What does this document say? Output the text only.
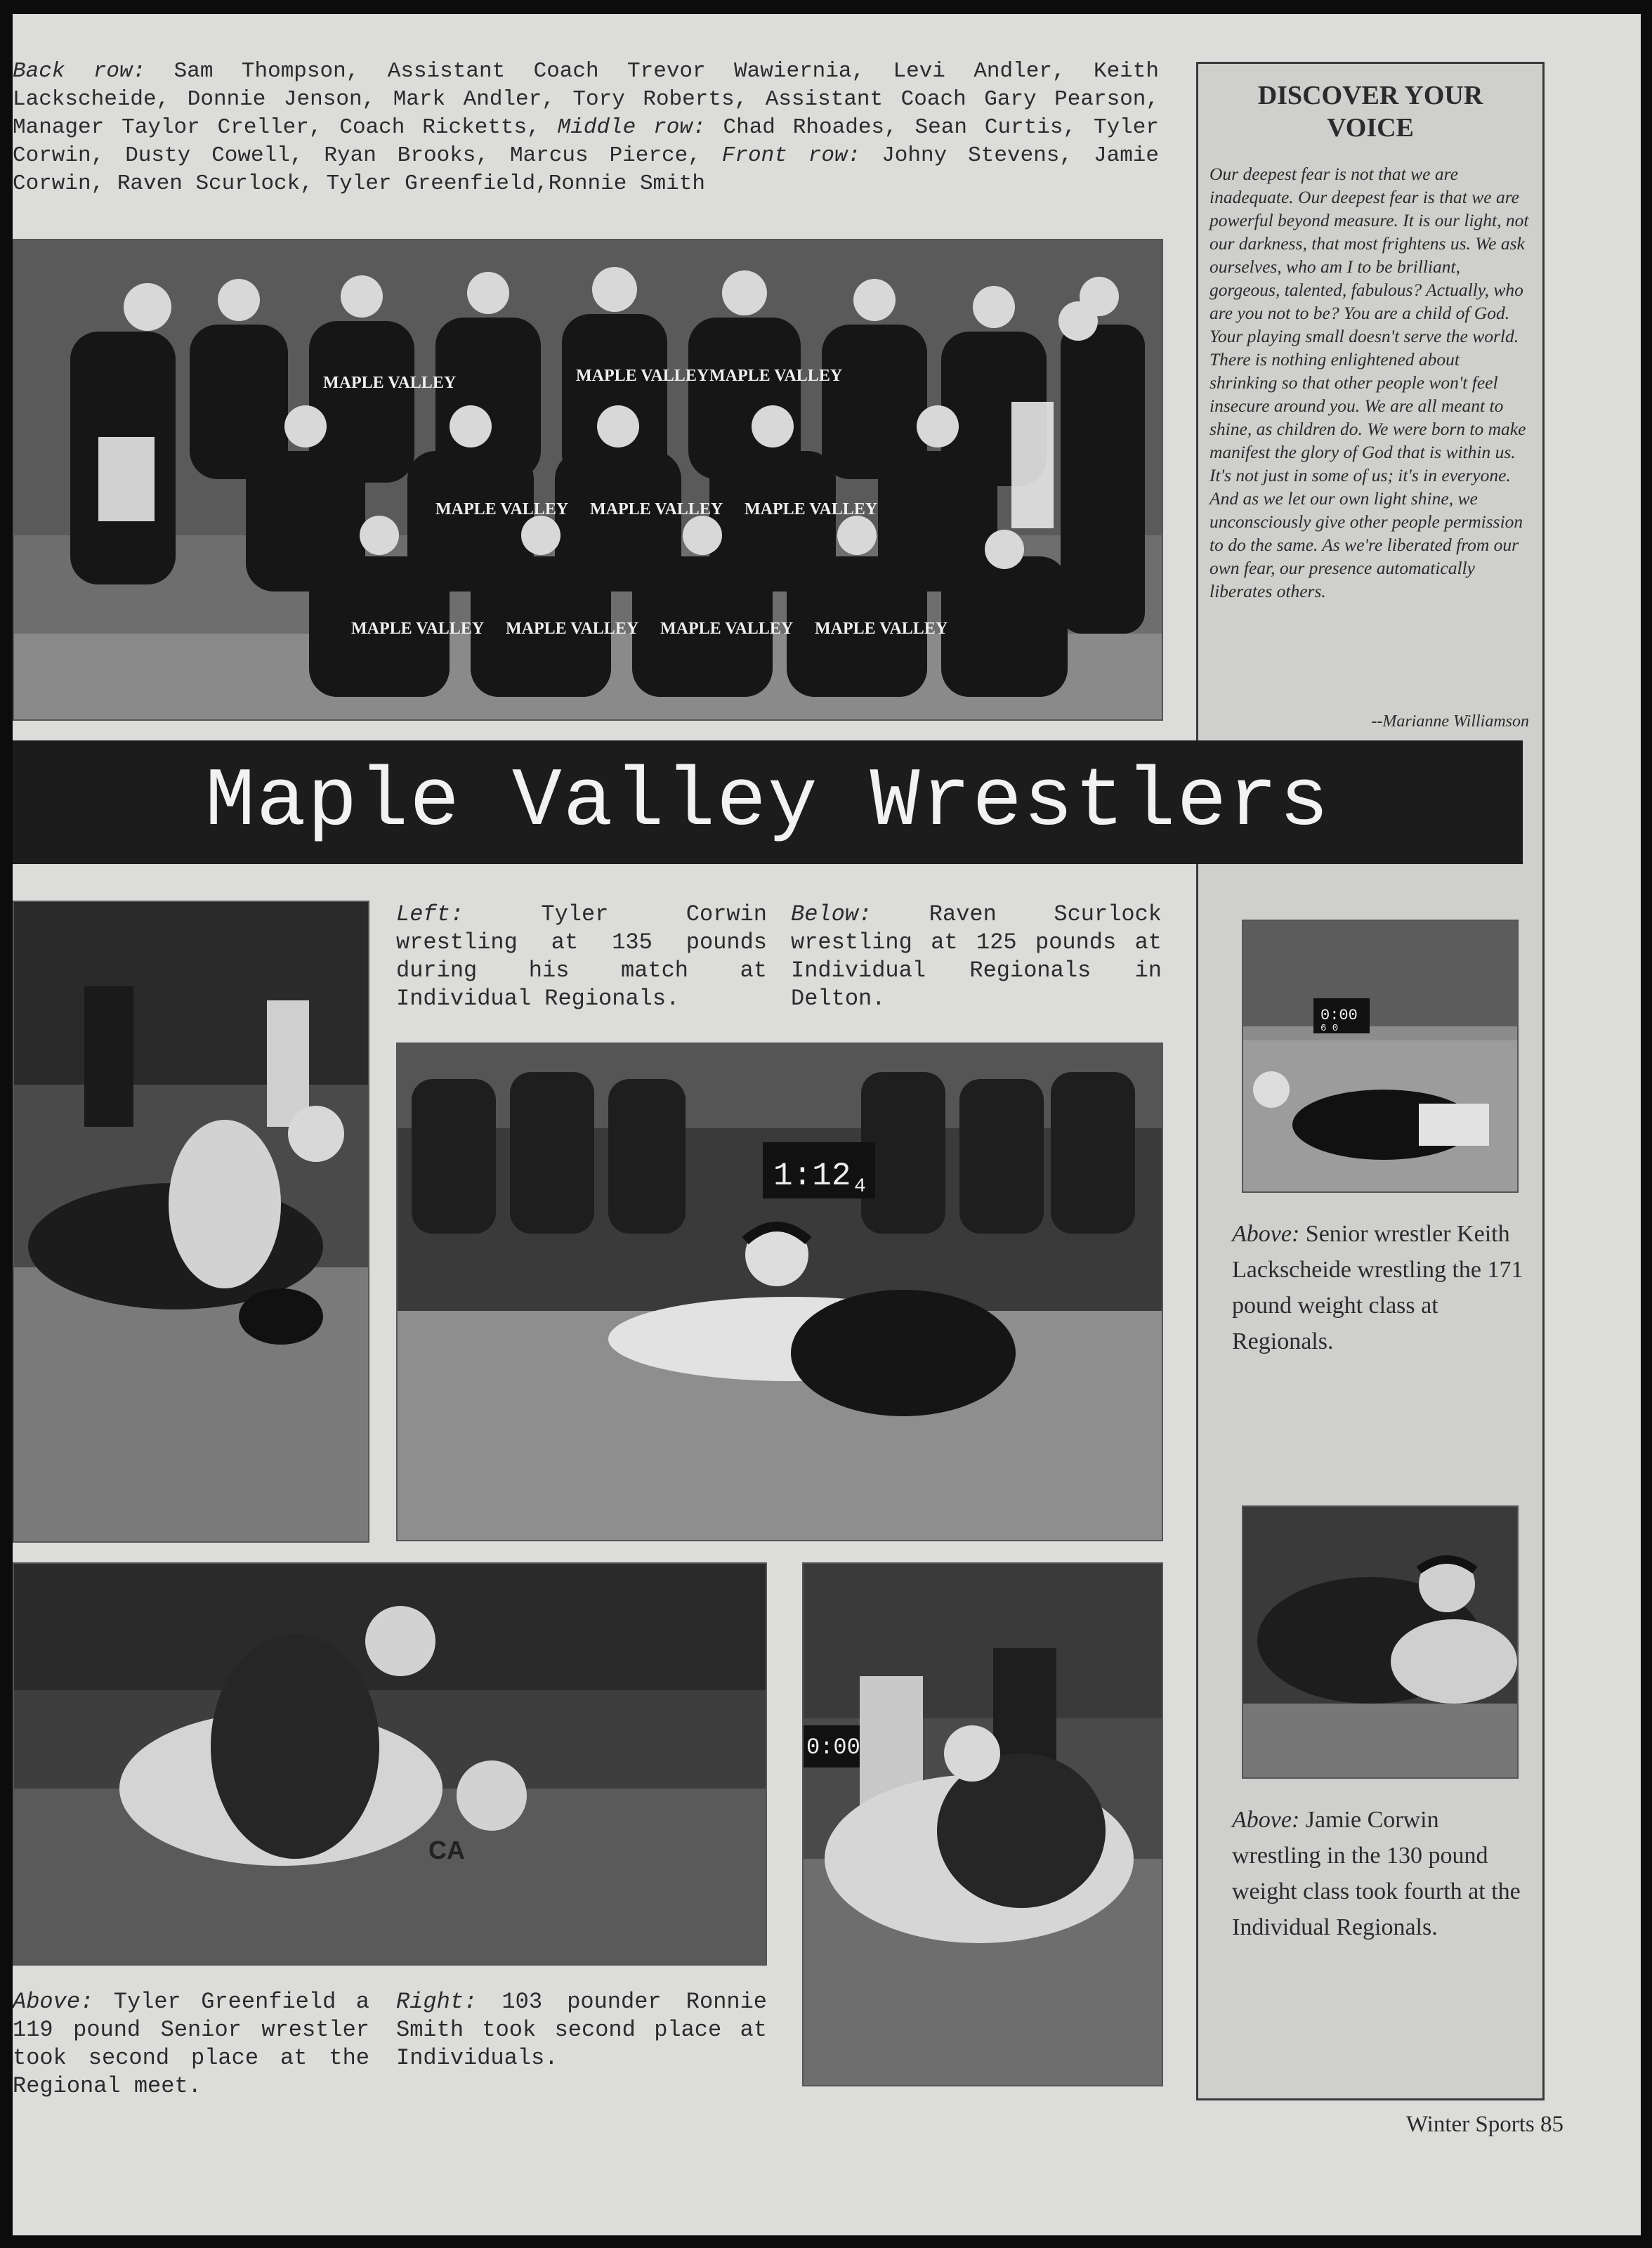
Back row: Sam Thompson, Assistant Coach Trevor Wawiernia, Levi Andler, Keith Lackscheide, Donnie Jenson, Mark Andler, Tory Roberts, Assistant Coach Gary Pearson, Manager Taylor Creller, Coach Ricketts, Middle row: Chad Rhoades, Sean Curtis, Tyler Corwin, Dusty Cowell, Ryan Brooks, Marcus Pierce, Front row: Johny Stevens, Jamie Corwin, Raven Scurlock, Tyler Greenfield,Ronnie Smith
MAPLE VALLEY	MAPLE VALLEY MAPLE VALLEY
MAPLE VALLEY MAPLE VALLEY MAPLE VALLEY
MAPLE VALLEY MAPLE VALLEY MAPLE VALLEY MAPLE VALLEY
DISCOVER YOUR VOICE
Our deepest fear is not that we are inadequate. Our deepest fear is that we are powerful beyond measure. It is our light, not our darkness, that most frightens us. We ask ourselves, who am I to be brilliant, gorgeous, talented, fabulous? Actually, who are you not to be? You are a child of God. Your playing small doesn't serve the world. There is nothing enlightened about shrinking so that other people won't feel insecure around you. We are all meant to shine, as children do. We were born to make manifest the glory of God that is within us. It's not just in some of us; it's in everyone. And as we let our own light shine, we unconsciously give other people permission to do the same. As we're liberated from our own fear, our presence automatically liberates others.
--Marianne Williamson
0:00
6 0
Above: Senior wrestler Keith Lackscheide wrestling the 171 pound weight class at Regionals.
Above: Jamie Corwin wrestling in the 130 pound weight class took fourth at the Individual Regionals.
Maple Valley Wrestlers
Left:	Tyler Corwin wrestling at 135 pounds during his match at Individual Regionals.
Below:	Raven Scurlock wrestling at 125 pounds at Individual Regionals in Delton.
1:12 4
CA
0:00
Above: Tyler Greenfield a 119 pound Senior wrestler took second place at the Regional meet.
Right: 103 pounder Ronnie Smith took second place at Individuals.
Winter Sports 85
